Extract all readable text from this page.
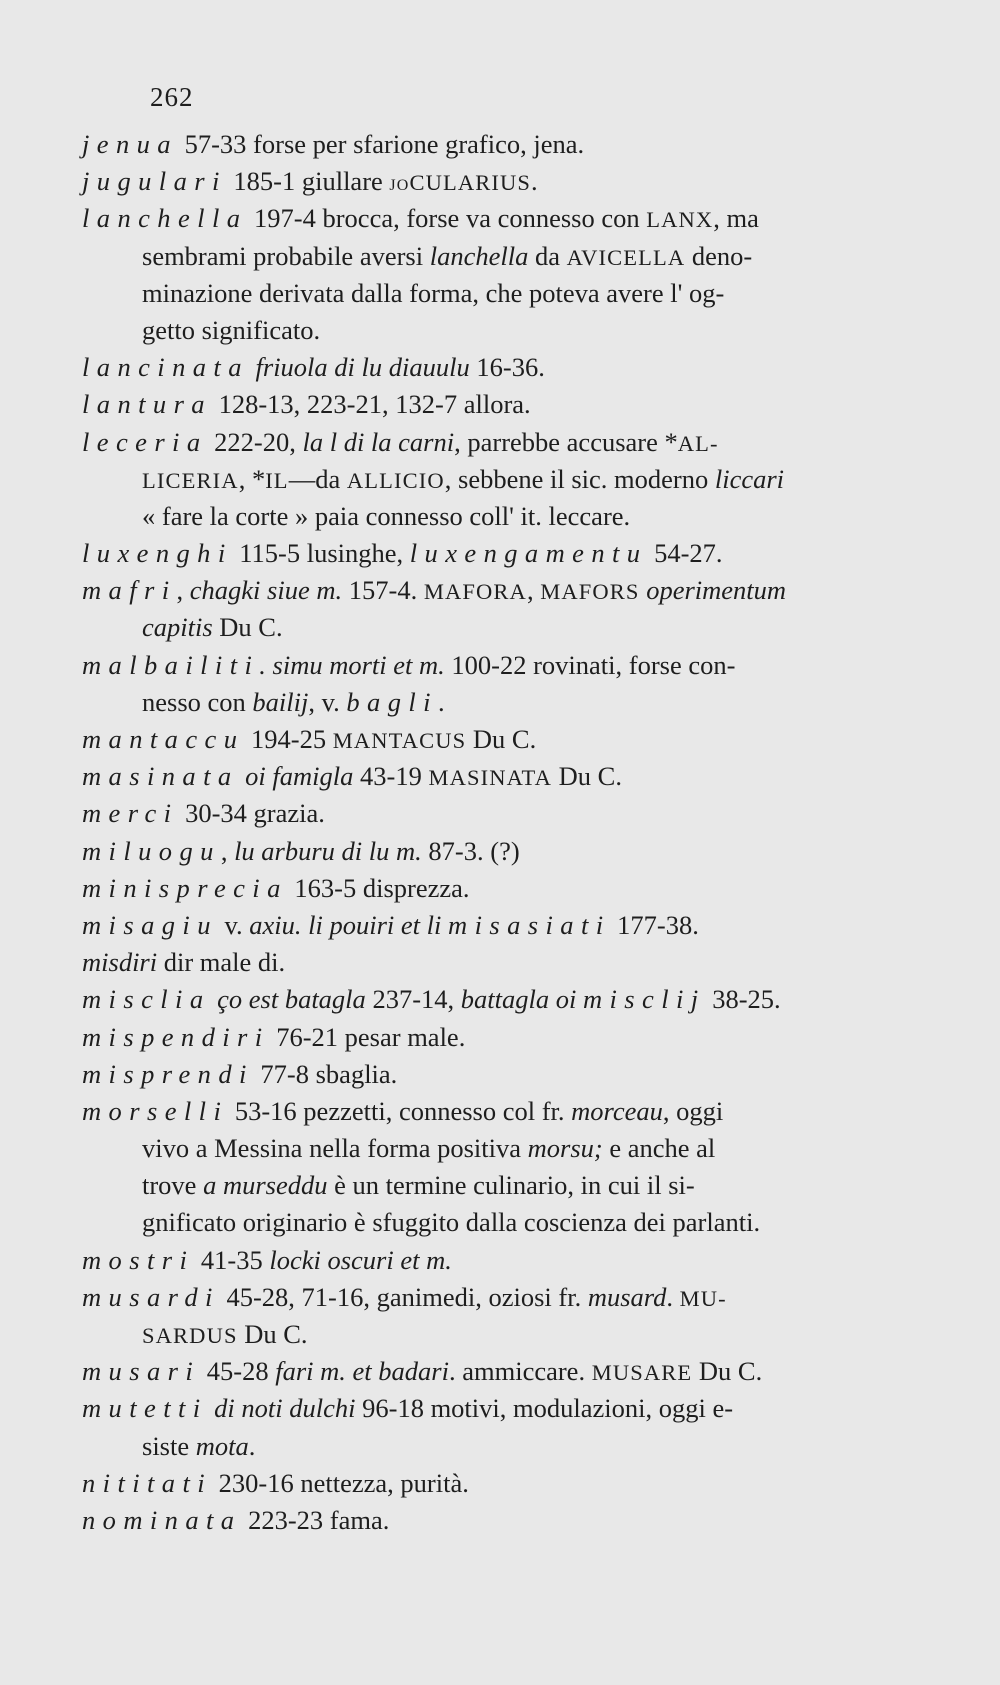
262
jenua 57-33 forse per sfarione grafico, jena.
jugulari 185-1 giullare joCULARIUS.
lanchella 197-4 brocca, forse va connesso con LANX, ma
sembrami probabile aversi lanchella da AVICELLA deno-
minazione derivata dalla forma, che poteva avere l' og-
getto significato.
lancinata friuola di lu diauulu 16-36.
lantura 128-13, 223-21, 132-7 allora.
leceria 222-20, la l di la carni, parrebbe accusare *AL-
LICERIA, *IL—da ALLICIO, sebbene il sic. moderno liccari
« fare la corte » paia connesso coll' it. leccare.
luxenghi 115-5 lusinghe, luxengamentu 54-27.
mafri, chagki siue m. 157-4. MAFORA, MAFORS operimentum
capitis Du C.
malbailiti. simu morti et m. 100-22 rovinati, forse con-
nesso con bailij, v. bagli.
mantaccu 194-25 MANTACUS Du C.
masinata oi famigla 43-19 MASINATA Du C.
merci 30-34 grazia.
miluogu, lu arburu di lu m. 87-3. (?)
minisprecia 163-5 disprezza.
misagiu v. axiu. li pouiri et li misasiati 177-38.
misdiri dir male di.
misclia ço est batagla 237-14, battagla oi misclij 38-25.
mispendiri 76-21 pesar male.
misprendi 77-8 sbaglia.
morselli 53-16 pezzetti, connesso col fr. morceau, oggi
vivo a Messina nella forma positiva morsu; e anche al
trove a murseddu è un termine culinario, in cui il si-
gnificato originario è sfuggito dalla coscienza dei parlanti.
mostri 41-35 locki oscuri et m.
musardi 45-28, 71-16, ganimedi, oziosi fr. musard. MU-
SARDUS Du C.
musari 45-28 fari m. et badari. ammiccare. MUSARE Du C.
mutetti di noti dulchi 96-18 motivi, modulazioni, oggi e-
siste mota.
nititati 230-16 nettezza, purità.
nominata 223-23 fama.
